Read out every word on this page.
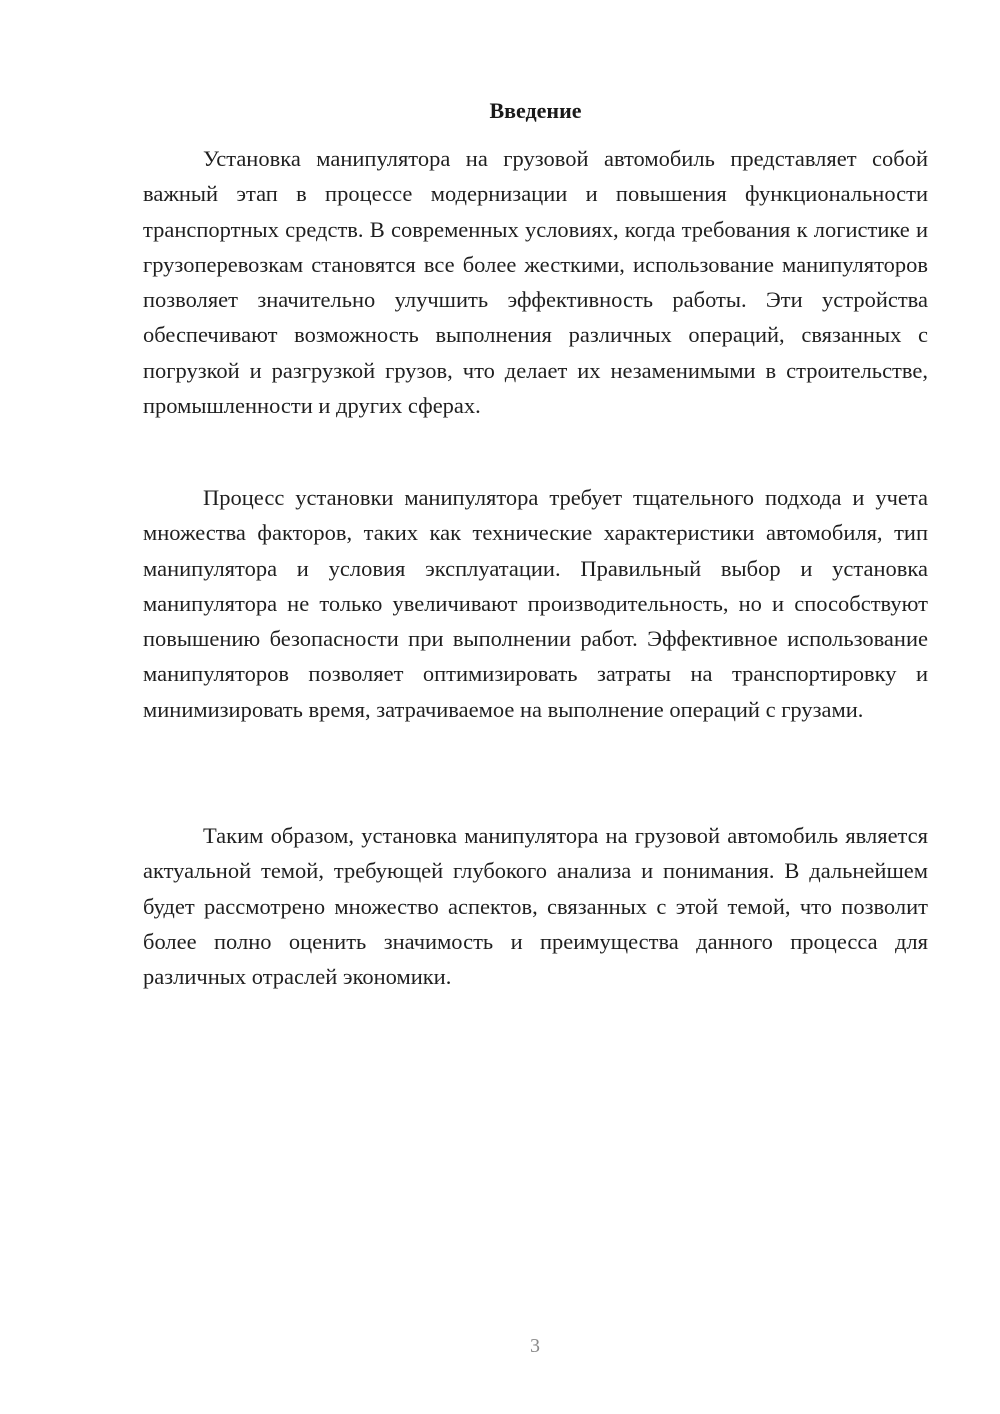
Введение

Установка манипулятора на грузовой автомобиль представляет собой важный этап в процессе модернизации и повышения функциональности транспортных средств. В современных условиях, когда требования к логистике и грузоперевозкам становятся все более жесткими, использование манипуляторов позволяет значительно улучшить эффективность работы. Эти устройства обеспечивают возможность выполнения различных операций, связанных с погрузкой и разгрузкой грузов, что делает их незаменимыми в строительстве, промышленности и других сферах.

Процесс установки манипулятора требует тщательного подхода и учета множества факторов, таких как технические характеристики автомобиля, тип манипулятора и условия эксплуатации. Правильный выбор и установка манипулятора не только увеличивают производительность, но и способствуют повышению безопасности при выполнении работ. Эффективное использование манипуляторов позволяет оптимизировать затраты на транспортировку и минимизировать время, затрачиваемое на выполнение операций с грузами.

Таким образом, установка манипулятора на грузовой автомобиль является актуальной темой, требующей глубокого анализа и понимания. В дальнейшем будет рассмотрено множество аспектов, связанных с этой темой, что позволит более полно оценить значимость и преимущества данного процесса для различных отраслей экономики.

3
